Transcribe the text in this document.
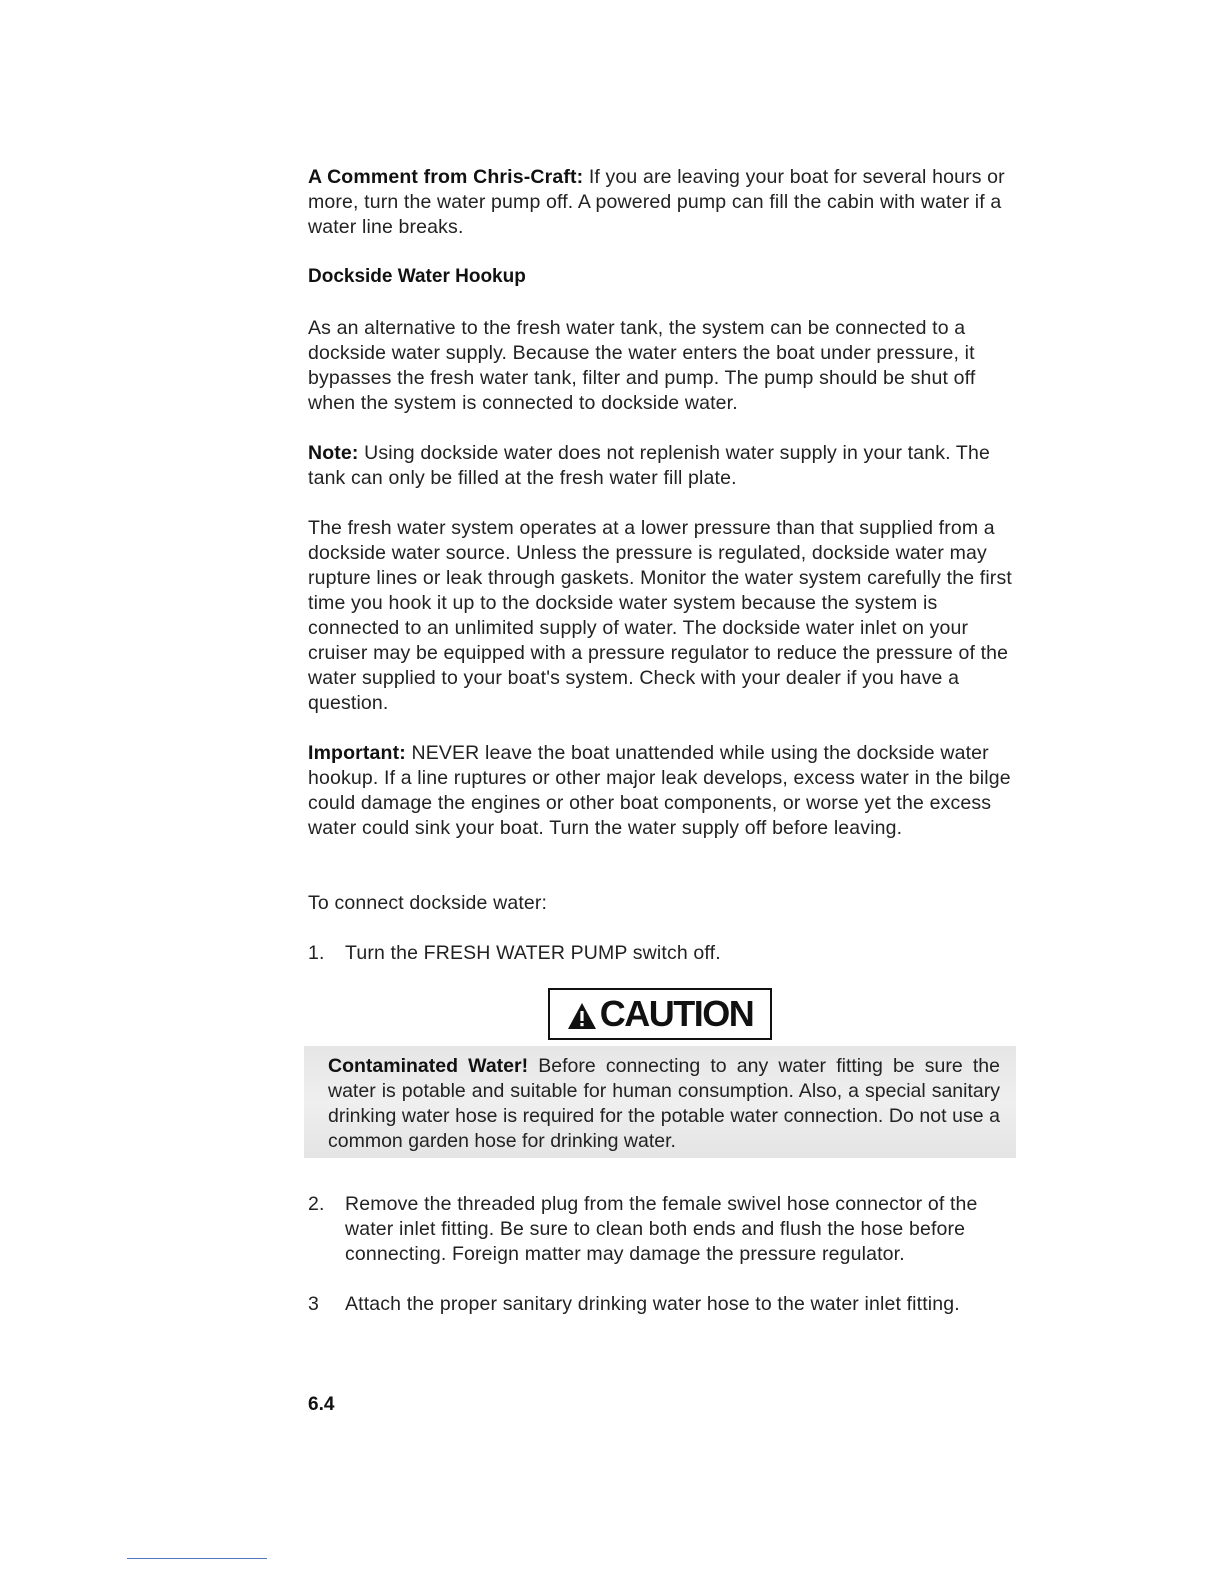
A Comment from Chris-Craft: If you are leaving your boat for several hours or more, turn the water pump off. A powered pump can fill the cabin with water if a water line breaks.

Dockside Water Hookup

As an alternative to the fresh water tank, the system can be connected to a dockside water supply. Because the water enters the boat under pressure, it bypasses the fresh water tank, filter and pump. The pump should be shut off when the system is connected to dockside water.

Note: Using dockside water does not replenish water supply in your tank. The tank can only be filled at the fresh water fill plate.

The fresh water system operates at a lower pressure than that supplied from a dockside water source. Unless the pressure is regulated, dockside water may rupture lines or leak through gaskets. Monitor the water system carefully the first time you hook it up to the dockside water system because the system is connected to an unlimited supply of water. The dockside water inlet on your cruiser may be equipped with a pressure regulator to reduce the pressure of the water supplied to your boat's system. Check with your dealer if you have a question.

Important: NEVER leave the boat unattended while using the dockside water hookup. If a line ruptures or other major leak develops, excess water in the bilge could damage the engines or other boat components, or worse yet the excess water could sink your boat. Turn the water supply off before leaving.

To connect dockside water:

1. Turn the FRESH WATER PUMP switch off.
CAUTION
Contaminated Water! Before connecting to any water fitting be sure the water is potable and suitable for human consumption. Also, a special sanitary drinking water hose is required for the potable water connection. Do not use a common garden hose for drinking water.
2. Remove the threaded plug from the female swivel hose connector of the water inlet fitting. Be sure to clean both ends and flush the hose before connecting. Foreign matter may damage the pressure regulator.
3 Attach the proper sanitary drinking water hose to the water inlet fitting.
6.4
